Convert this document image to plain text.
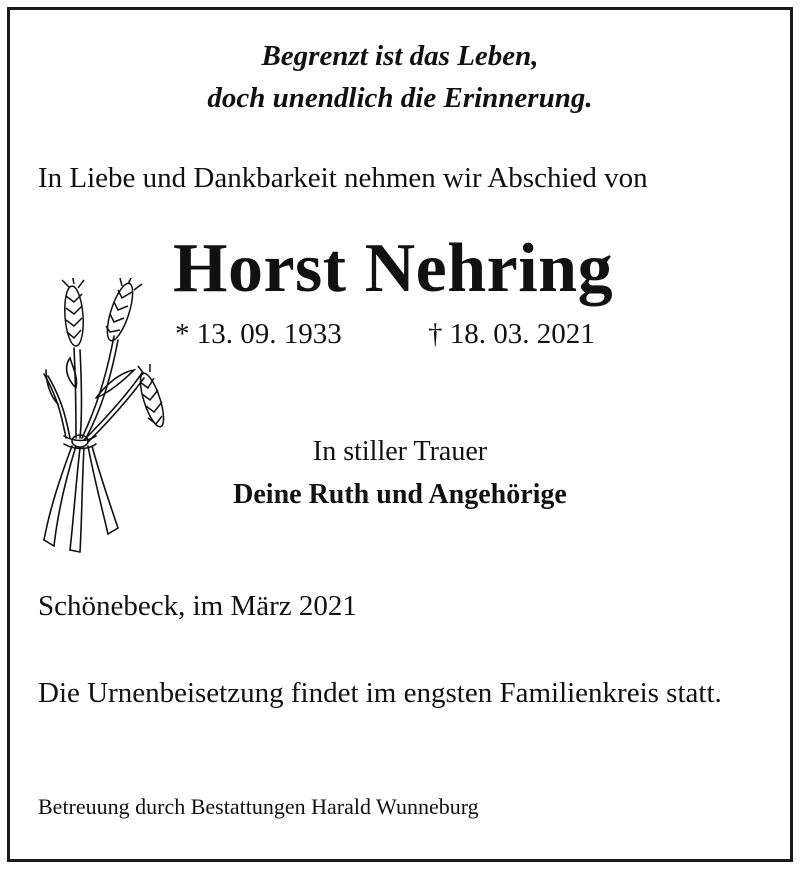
Begrenzt ist das Leben,
doch unendlich die Erinnerung.
In Liebe und Dankbarkeit nehmen wir Abschied von
Horst Nehring
* 13. 09. 1933	† 18. 03. 2021
In stiller Trauer
Deine Ruth und Angehörige
Schönebeck, im März 2021
Die Urnenbeisetzung findet im engsten Familienkreis statt.
Betreuung durch Bestattungen Harald Wunneburg
